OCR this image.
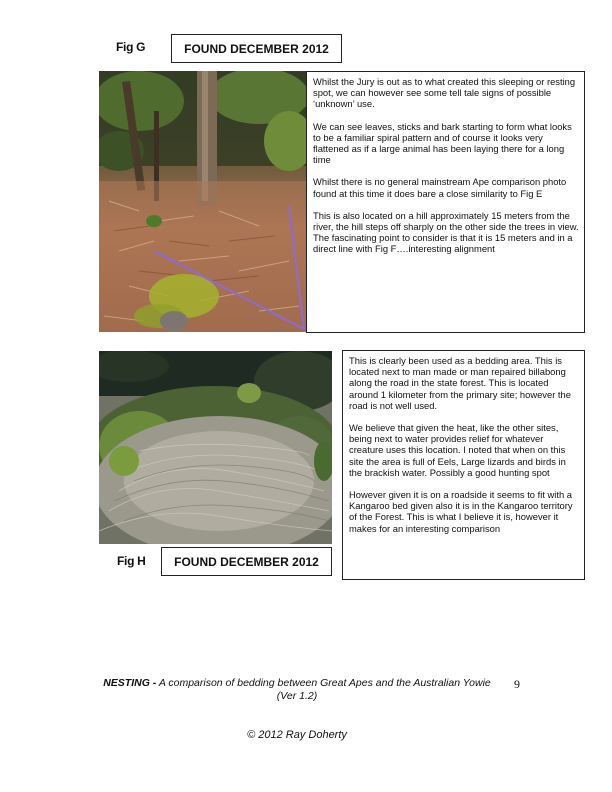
Fig G	FOUND DECEMBER 2012

Whilst the Jury is out as to what created this sleeping or resting spot, we can however see some tell tale signs of possible ‘unknown’ use.

We can see leaves, sticks and bark starting to form what looks to be a familiar spiral pattern and of course it looks very flattened as if a large animal has been laying there for a long time

Whilst there is no general mainstream Ape comparison photo found at this time it does bare a close similarity to Fig E

This is also located on a hill approximately 15 meters from the river, the hill steps off sharply on the other side the trees in view. The fascinating point to consider is that it is 15 meters and in a direct line with Fig F….interesting alignment

This is clearly been used as a bedding area. This is located next to man made or man repaired billabong along the road in the state forest. This is located around 1 kilometer from the primary site; however the road is not well used.

We believe that given the heat, like the other sites, being next to water provides relief for whatever creature uses this location. I noted that when on this site the area is full of Eels, Large lizards and birds in the brackish water. Possibly a good hunting spot

However given it is on a roadside it seems to fit with a Kangaroo bed given also it is in the Kangaroo territory of the Forest. This is what I believe it is, however it makes for an interesting comparison

Fig H	FOUND DECEMBER 2012
NESTING - A comparison of bedding between Great Apes and the Australian Yowie
(Ver 1.2)
9
© 2012 Ray Doherty
